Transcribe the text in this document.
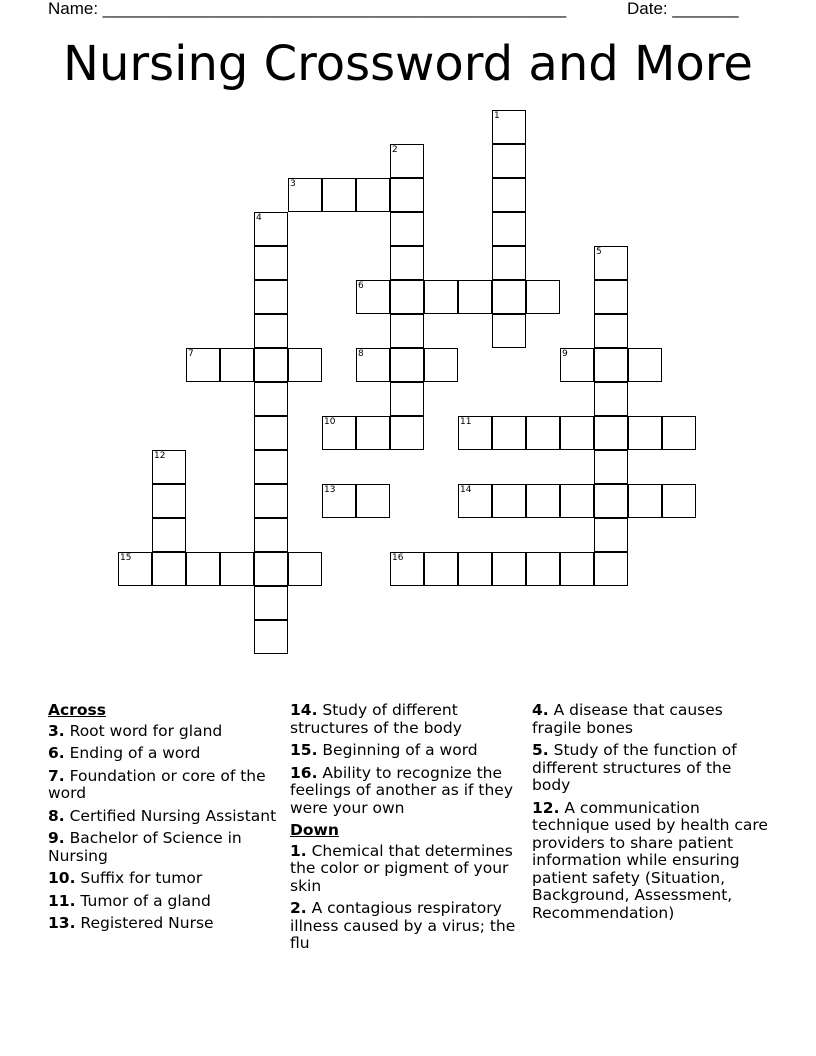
Name: _________________________________________________	Date: _______
Nursing Crossword and More
1
2
3
4
5
6
7	8	9
10	11
12
13	14
15	16
Across
3. Root word for gland
6. Ending of a word
7. Foundation or core of the word
8. Certified Nursing Assistant
9. Bachelor of Science in Nursing
10. Suffix for tumor
11. Tumor of a gland
13. Registered Nurse
14. Study of different structures of the body
15. Beginning of a word
16. Ability to recognize the feelings of another as if they were your own
Down
1. Chemical that determines the color or pigment of your skin
2. A contagious respiratory illness caused by a virus; the flu
4. A disease that causes fragile bones
5. Study of the function of different structures of the body
12. A communication technique used by health care providers to share patient information while ensuring patient safety (Situation, Background, Assessment, Recommendation)
